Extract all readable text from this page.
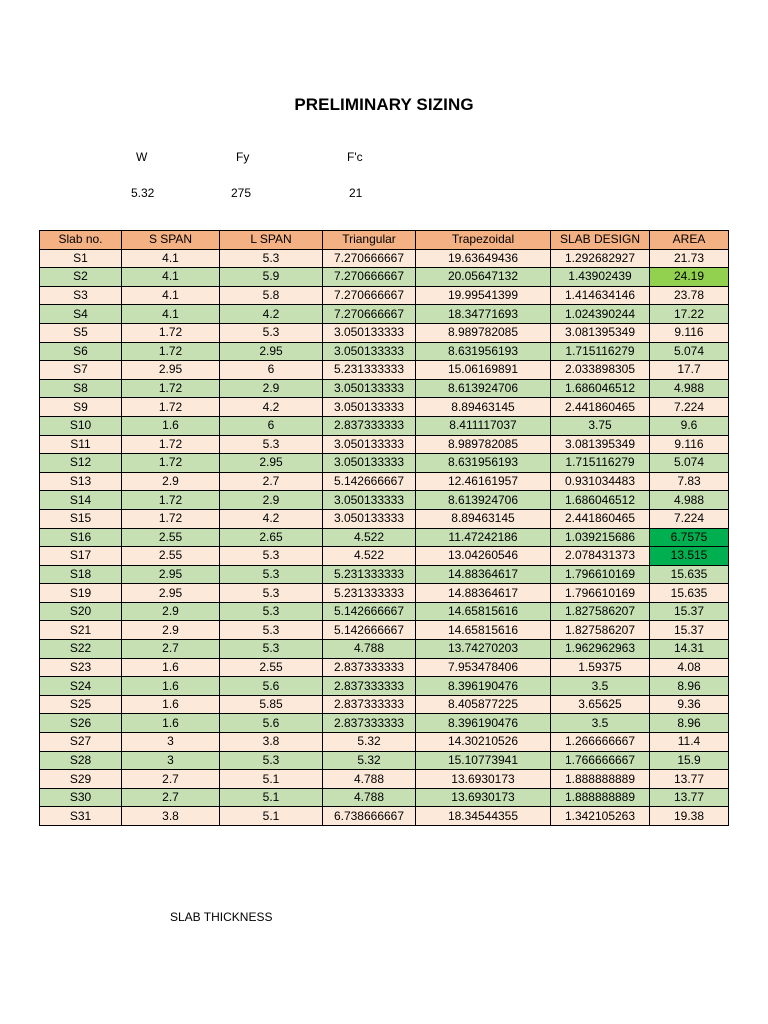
PRELIMINARY SIZING
W	Fy	F'c
5.32	275	21
Slab no.	S SPAN	L SPAN	Triangular	Trapezoidal	SLAB DESIGN	AREA
S1	4.1	5.3	7.270666667	19.63649436	1.292682927	21.73
S2	4.1	5.9	7.270666667	20.05647132	1.43902439	24.19
S3	4.1	5.8	7.270666667	19.99541399	1.414634146	23.78
S4	4.1	4.2	7.270666667	18.34771693	1.024390244	17.22
S5	1.72	5.3	3.050133333	8.989782085	3.081395349	9.116
S6	1.72	2.95	3.050133333	8.631956193	1.715116279	5.074
S7	2.95	6	5.231333333	15.06169891	2.033898305	17.7
S8	1.72	2.9	3.050133333	8.613924706	1.686046512	4.988
S9	1.72	4.2	3.050133333	8.89463145	2.441860465	7.224
S10	1.6	6	2.837333333	8.411117037	3.75	9.6
S11	1.72	5.3	3.050133333	8.989782085	3.081395349	9.116
S12	1.72	2.95	3.050133333	8.631956193	1.715116279	5.074
S13	2.9	2.7	5.142666667	12.46161957	0.931034483	7.83
S14	1.72	2.9	3.050133333	8.613924706	1.686046512	4.988
S15	1.72	4.2	3.050133333	8.89463145	2.441860465	7.224
S16	2.55	2.65	4.522	11.47242186	1.039215686	6.7575
S17	2.55	5.3	4.522	13.04260546	2.078431373	13.515
S18	2.95	5.3	5.231333333	14.88364617	1.796610169	15.635
S19	2.95	5.3	5.231333333	14.88364617	1.796610169	15.635
S20	2.9	5.3	5.142666667	14.65815616	1.827586207	15.37
S21	2.9	5.3	5.142666667	14.65815616	1.827586207	15.37
S22	2.7	5.3	4.788	13.74270203	1.962962963	14.31
S23	1.6	2.55	2.837333333	7.953478406	1.59375	4.08
S24	1.6	5.6	2.837333333	8.396190476	3.5	8.96
S25	1.6	5.85	2.837333333	8.405877225	3.65625	9.36
S26	1.6	5.6	2.837333333	8.396190476	3.5	8.96
S27	3	3.8	5.32	14.30210526	1.266666667	11.4
S28	3	5.3	5.32	15.10773941	1.766666667	15.9
S29	2.7	5.1	4.788	13.6930173	1.888888889	13.77
S30	2.7	5.1	4.788	13.6930173	1.888888889	13.77
S31	3.8	5.1	6.738666667	18.34544355	1.342105263	19.38
SLAB THICKNESS
